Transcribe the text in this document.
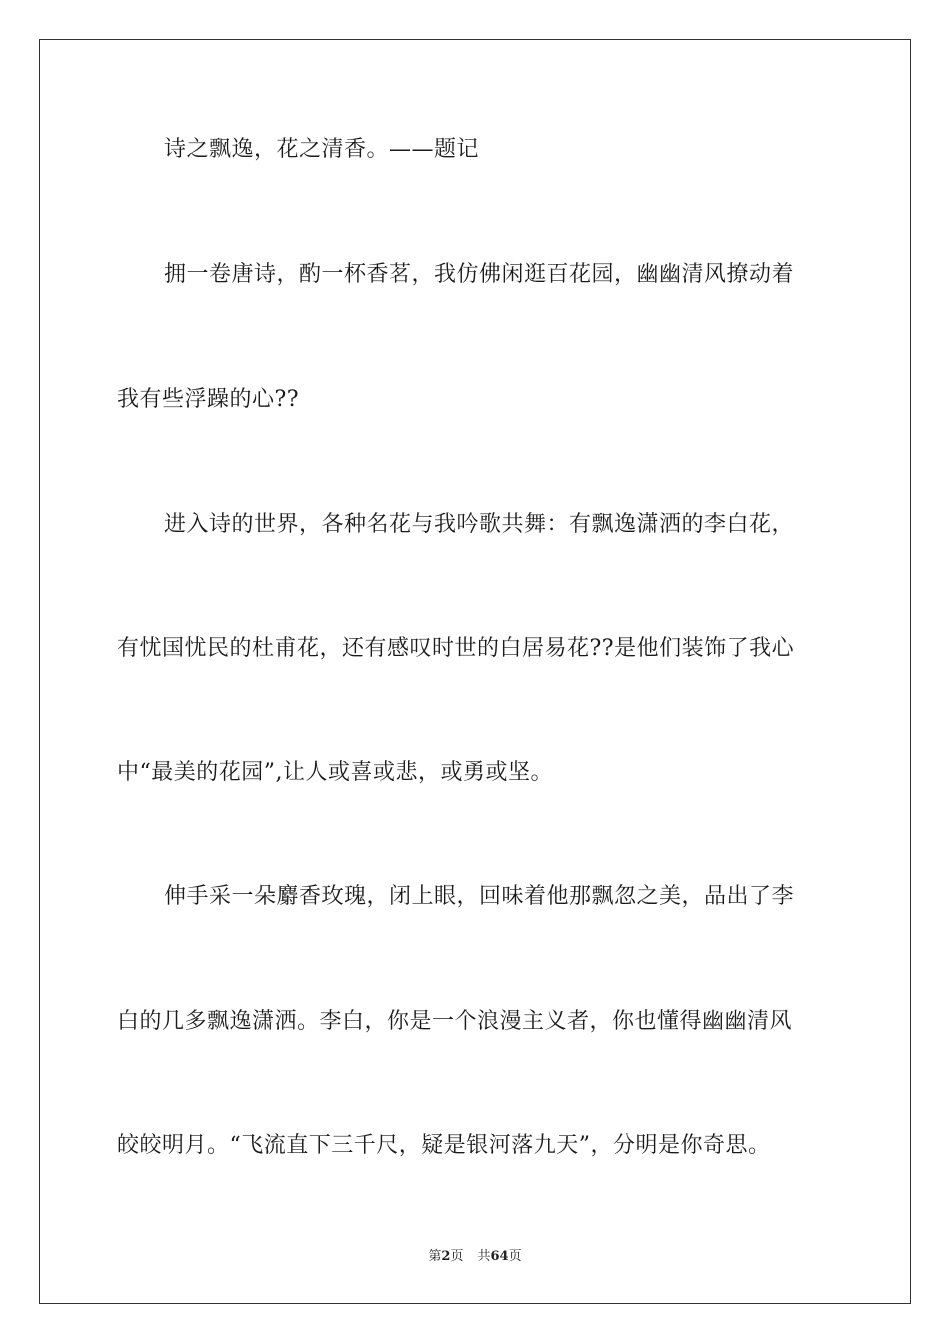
诗之飘逸，花之清香。——题记
拥一卷唐诗，酌一杯香茗，我仿佛闲逛百花园，幽幽清风撩动着
我有些浮躁的心??
进入诗的世界，各种名花与我吟歌共舞：有飘逸潇洒的李白花，
有忧国忧民的杜甫花，还有感叹时世的白居易花??是他们装饰了我心
中“最美的花园”,让人或喜或悲，或勇或坚。
伸手采一朵麝香玫瑰，闭上眼，回味着他那飘忽之美，品出了李
白的几多飘逸潇洒。李白，你是一个浪漫主义者，你也懂得幽幽清风
皎皎明月。“飞流直下三千尺，疑是银河落九天”，分明是你奇思。
第2页 共64页
